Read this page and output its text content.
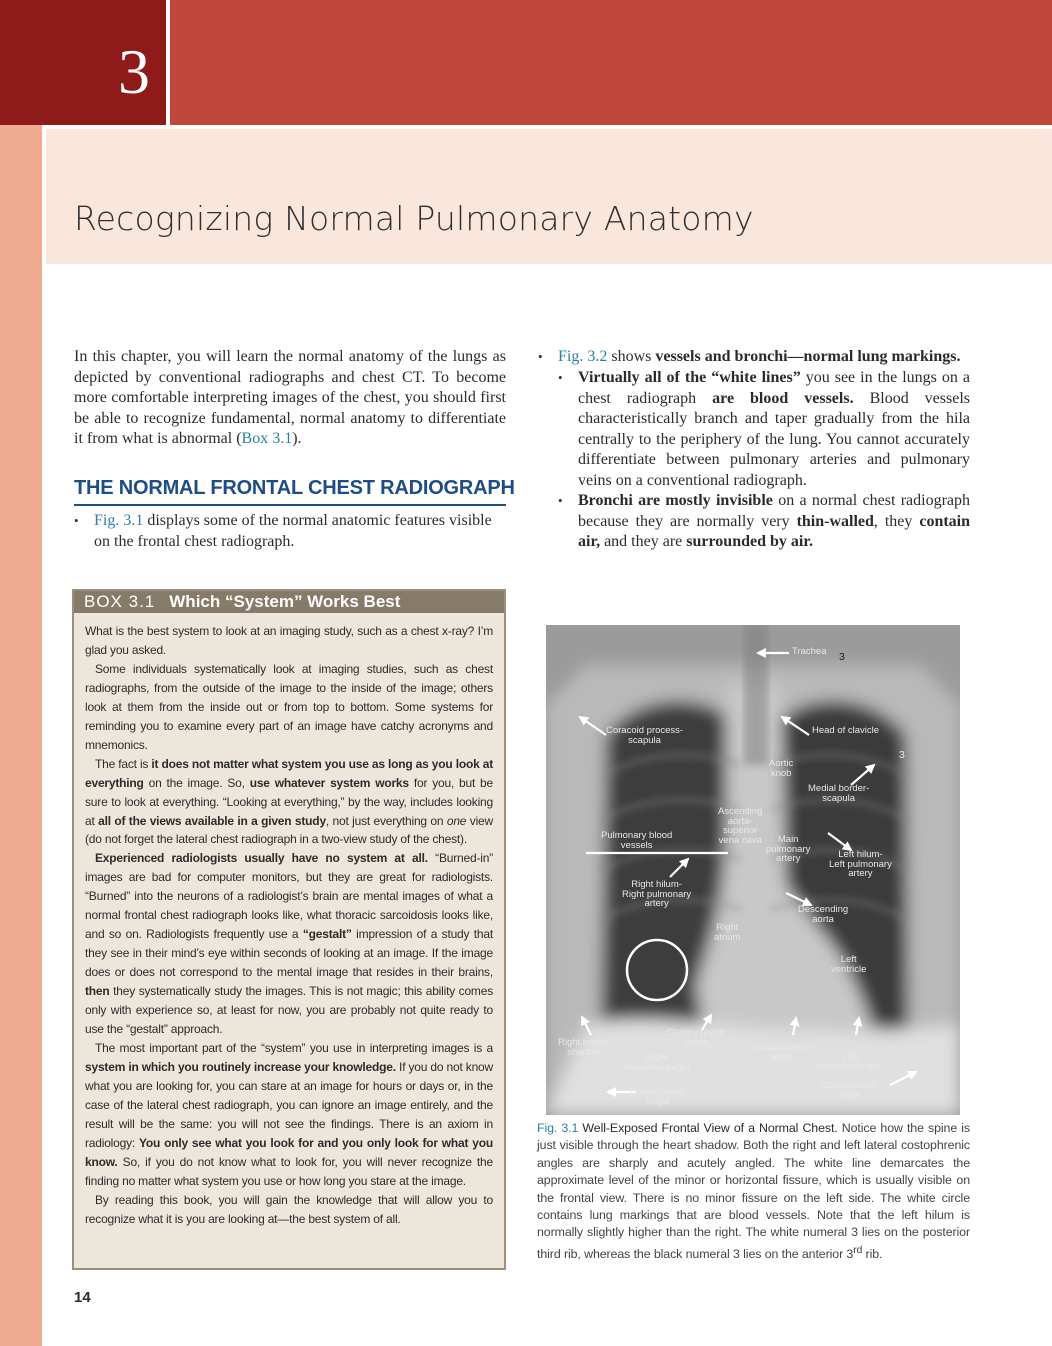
3
Recognizing Normal Pulmonary Anatomy

In this chapter, you will learn the normal anatomy of the lungs as depicted by conventional radiographs and chest CT. To become more comfortable interpreting images of the chest, you should first be able to recognize fundamental, normal anatomy to differentiate it from what is abnormal (Box 3.1).

THE NORMAL FRONTAL CHEST RADIOGRAPH
• Fig. 3.1 displays some of the normal anatomic features visible on the frontal chest radiograph.
• Fig. 3.2 shows vessels and bronchi—normal lung markings.
• Virtually all of the “white lines” you see in the lungs on a chest radiograph are blood vessels. Blood vessels characteristically branch and taper gradually from the hila centrally to the periphery of the lung. You cannot accurately differentiate between pulmonary arteries and pulmonary veins on a conventional radiograph.
• Bronchi are mostly invisible on a normal chest radiograph because they are normally very thin-walled, they contain air, and they are surrounded by air.
BOX 3.1 Which “System” Works Best

What is the best system to look at an imaging study, such as a chest x-ray? I’m glad you asked.

Some individuals systematically look at imaging studies, such as chest radiographs, from the outside of the image to the inside of the image; others look at them from the inside out or from top to bottom. Some systems for reminding you to examine every part of an image have catchy acronyms and mnemonics.

The fact is it does not matter what system you use as long as you look at everything on the image. So, use whatever system works for you, but be sure to look at everything. “Looking at everything,” by the way, includes looking at all of the views available in a given study, not just everything on one view (do not forget the lateral chest radiograph in a two-view study of the chest).

Experienced radiologists usually have no system at all. “Burned-in” images are bad for computer monitors, but they are great for radiologists. “Burned” into the neurons of a radiologist’s brain are mental images of what a normal frontal chest radiograph looks like, what thoracic sarcoidosis looks like, and so on. Radiologists frequently use a “gestalt” impression of a study that they see in their mind’s eye within seconds of looking at an image. If the image does or does not correspond to the mental image that resides in their brains, then they systematically study the images. This is not magic; this ability comes only with experience so, at least for now, you are probably not quite ready to use the “gestalt” approach.

The most important part of the “system” you use in interpreting images is a system in which you routinely increase your knowledge. If you do not know what you are looking for, you can stare at an image for hours or days or, in the case of the lateral chest radiograph, you can ignore an image entirely, and the result will be the same: you will not see the findings. There is an axiom in radiology: You only see what you look for and you only look for what you know. So, if you do not know what to look for, you will never recognize the finding no matter what system you use or how long you stare at the image.

By reading this book, you will gain the knowledge that will allow you to recognize what it is you are looking at—the best system of all.

Trachea 3
3
Coracoid process-
scapula
Head of clavicle
Aortic
knob
Medial border-
scapula
Ascending
aorta-
superior
vena cava
Pulmonary blood
vessels
Main
pulmonary
artery	Left hilum-
Left pulmonary
artery
Right hilum-
Right pulmonary
artery
Descending
aorta
Right
atrium
Left
ventricle
Right breast
shadow
Cardiophrenic
angle
Right
hemidiaphragm
Cardiophrenic
angle	Left
hemidiaphragm
Costophrenic
angle
Costophrenic
angle

Fig. 3.1 Well-Exposed Frontal View of a Normal Chest. Notice how the spine is just visible through the heart shadow. Both the right and left lateral costophrenic angles are sharply and acutely angled. The white line demarcates the approximate level of the minor or horizontal fissure, which is usually visible on the frontal view. There is no minor fissure on the left side. The white circle contains lung markings that are blood vessels. Note that the left hilum is normally slightly higher than the right. The white numeral 3 lies on the posterior third rib, whereas the black numeral 3 lies on the anterior 3rd rib.

14
